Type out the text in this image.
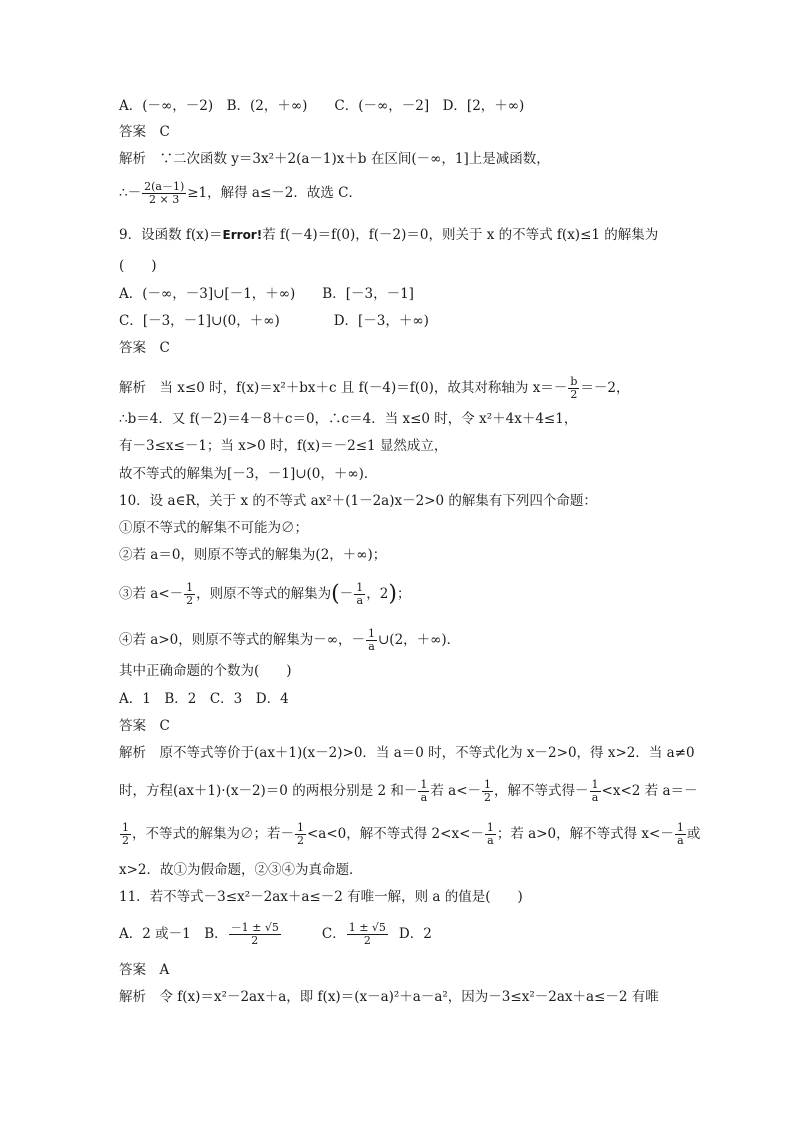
A．(－∞，－2)　B．(2，＋∞)　　C．(－∞，－2]　D．[2，＋∞)
答案　C
解析　∵二次函数 y＝3x²＋2(a－1)x＋b 在区间(－∞，1]上是减函数，
∴－ $\frac{2(a-1)}{2 \times 3} \ge 1$，解得 a≤－2．故选 C．
9．设函数 f(x)＝Error!若 f(－4)＝f(0)，f(－2)＝0，则关于 x 的不等式 f(x)≤1 的解集为
(　　)
A．(－∞，－3]∪[－1，＋∞)　　B．[－3，－1]
C．[－3，－1]∪(0，＋∞)　　　　D．[－3，＋∞)
答案　C
解析　当 x≤0 时，f(x)＝x²＋bx＋c 且 f(－4)＝f(0)，故其对称轴为 $x=- \frac{b}{2} =-2$，
∴b＝4．又 f(－2)＝4－8＋c＝0，∴c＝4．当 x≤0 时，令 x²＋4x＋4≤1，
有－3≤x≤－1；当 x>0 时，f(x)＝－2≤1 显然成立，
故不等式的解集为[－3，－1]∪(0，＋∞)．
10．设 a∈R，关于 x 的不等式 ax²＋(1－2a)x－2>0 的解集有下列四个命题：
①原不等式的解集不可能为∅；
②若 a＝0，则原不等式的解集为(2，＋∞)；
③若 $a<- \frac{1}{2}$ ，则原不等式的解集为(－ $\frac{1}{a}$ ，2)；
④若 a>0，则原不等式的解集为－∞，－ $\frac{1}{a}$ ∪(2，＋∞)．
其中正确命题的个数为(　　)
A．1　B．2　C．3　D．4
答案　C
解析　原不等式等价于(ax＋1)(x－2)>0．当 a＝0 时，不等式化为 x－2>0，得 x>2．当 a≠0
时，方程(ax＋1)·(x－2)＝0 的两根分别是 2 和－ $\frac{1}{a}$ 若 $a<- \frac{1}{2}$ ，解不等式得－ $\frac{1}{a} <x<2$ 若 a＝－
$\frac{1}{2}$ ，不等式的解集为∅；若－ $\frac{1}{2} <a<0$，解不等式得 $2<x<- \frac{1}{a}$ ；若 a>0，解不等式得 $x<- \frac{1}{a}$ 或
x>2．故①为假命题，②③④为真命题．
11．若不等式－3≤x²－2ax＋a≤－2 有唯一解，则 a 的值是(　　)
A．2 或－1　B． $\frac{-1 \pm √5}{2}$	C． $\frac{1 \pm √5}{2}$ D．2
答案　A
解析　令 f(x)＝x²－2ax＋a，即 f(x)＝(x－a)²＋a－a²，因为－3≤x²－2ax＋a≤－2 有唯
